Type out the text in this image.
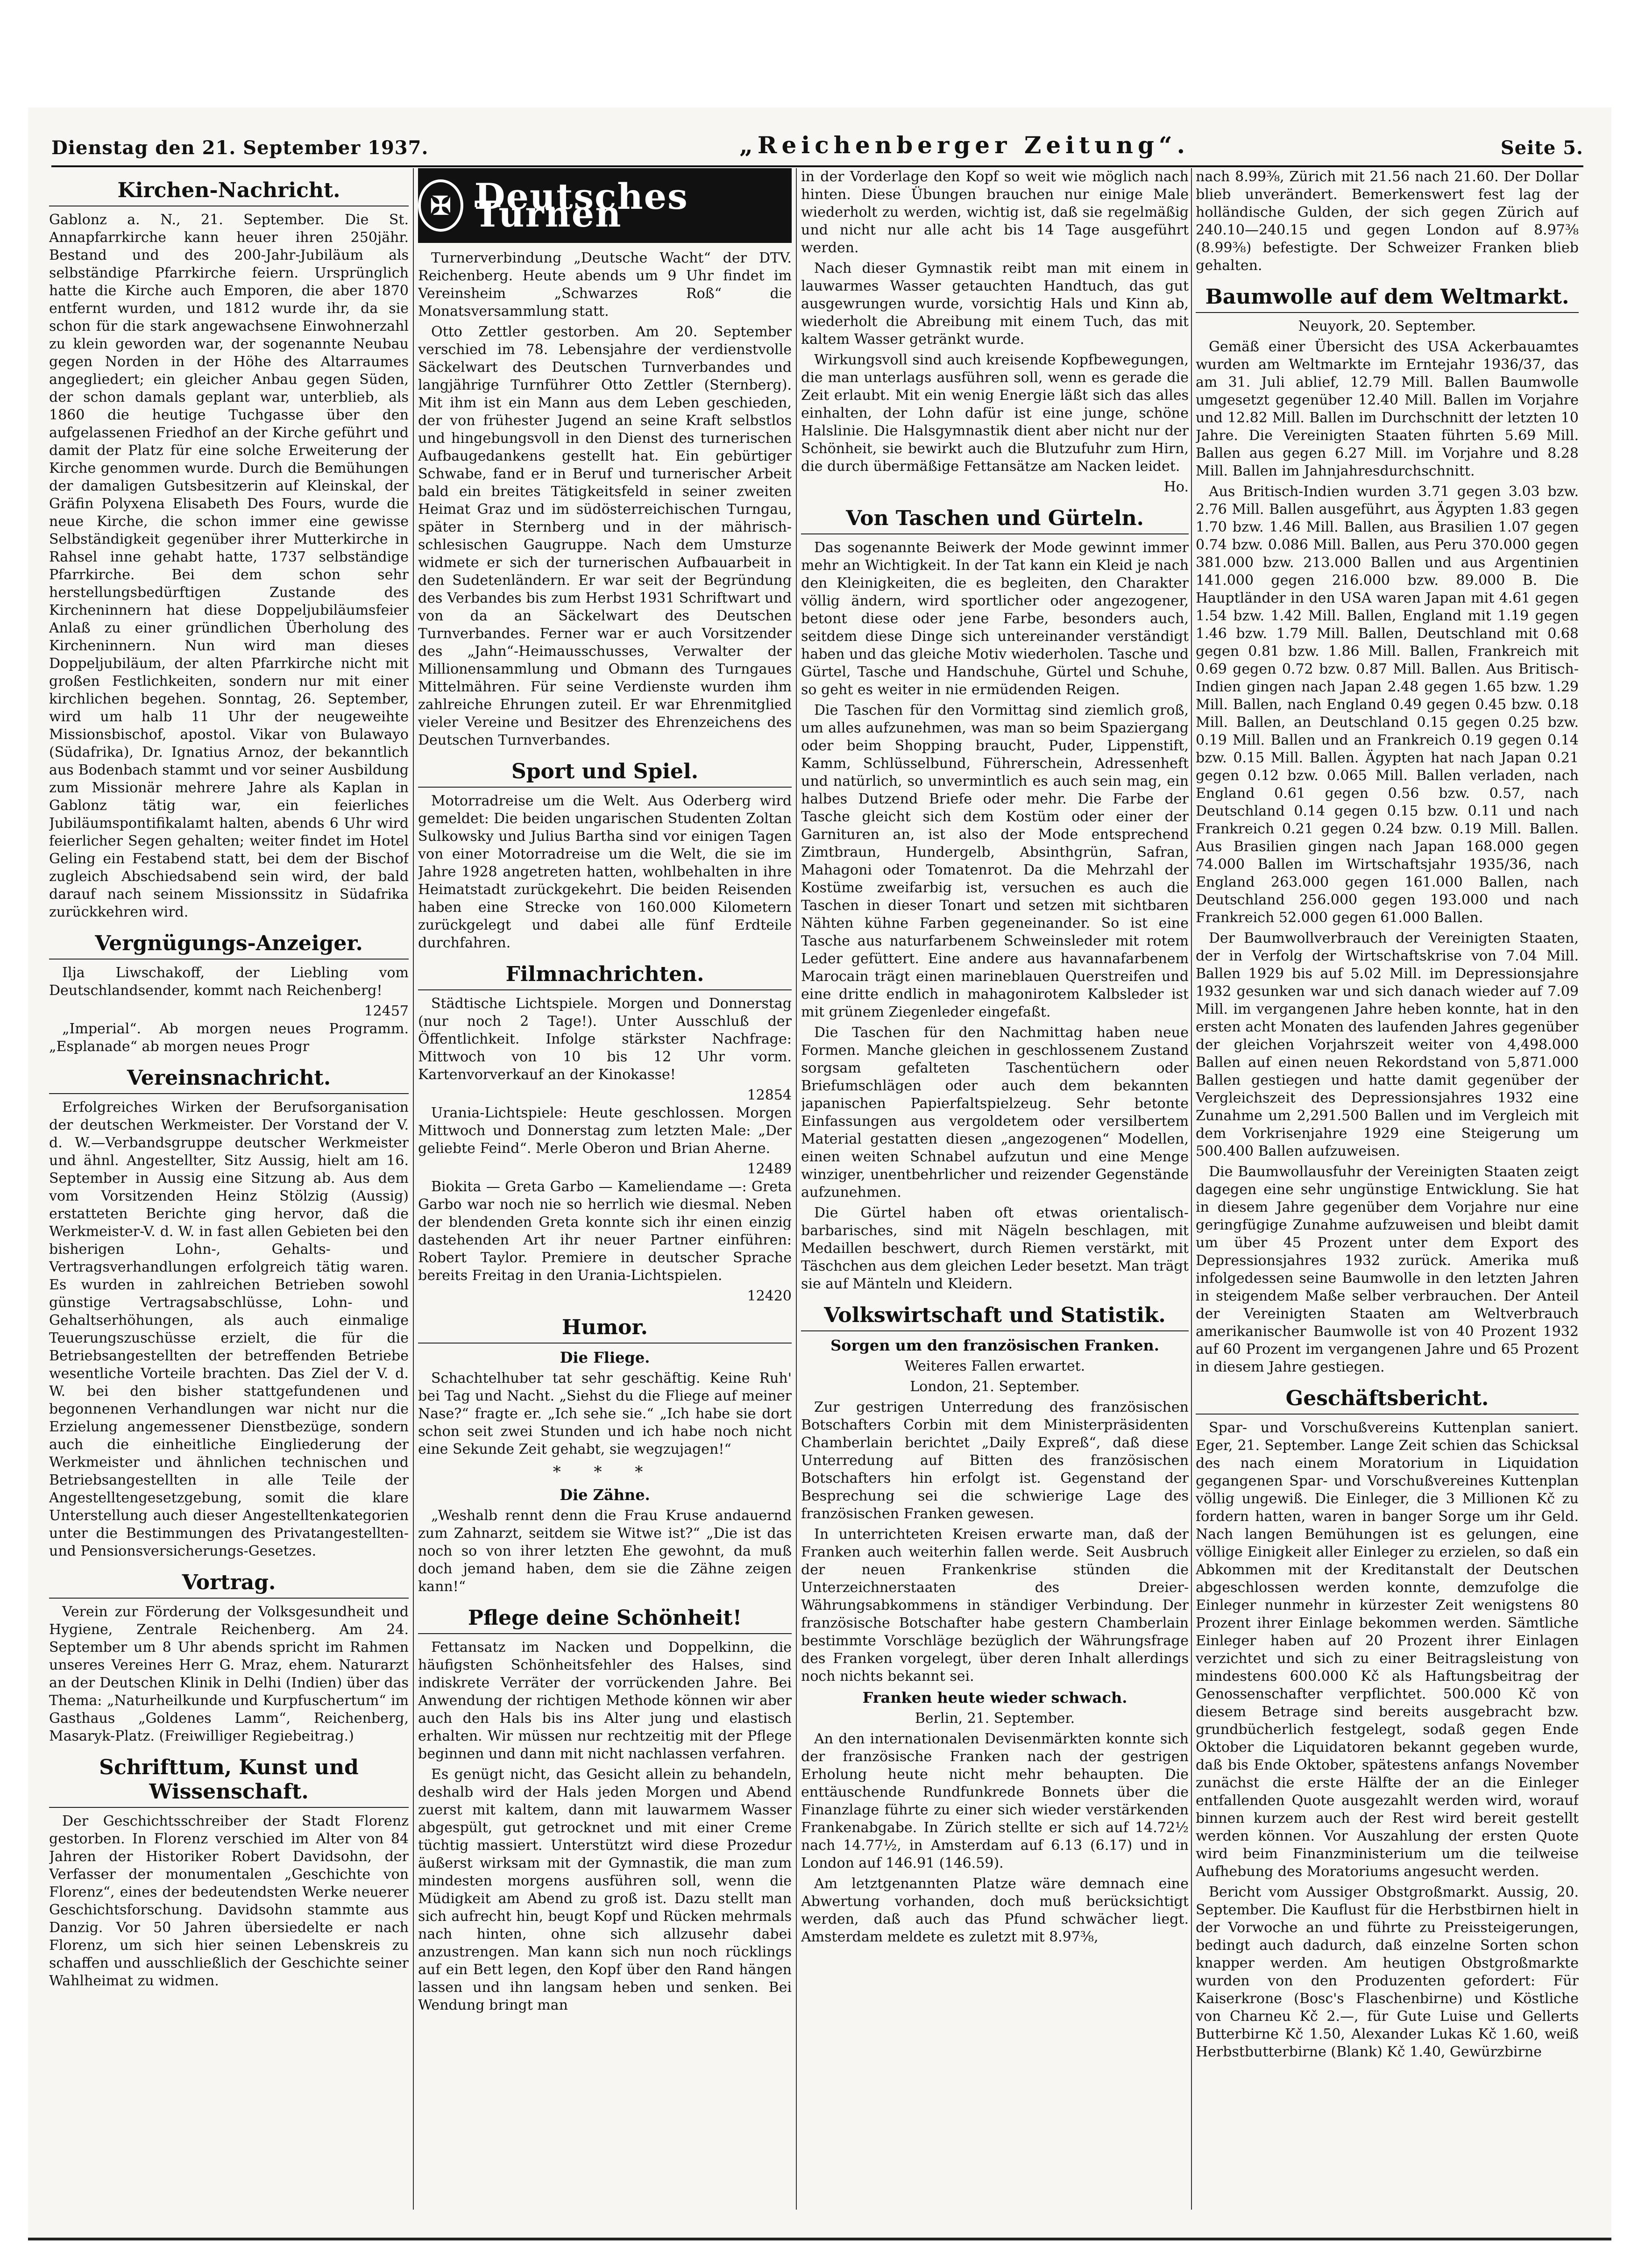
Dienstag den 21. September 1937.	„Reichenberger Zeitung“.	Seite 5.
Kirchen-Nachricht.

Gablonz a. N., 21. September. Die St. Annapfarrkirche kann heuer ihren 250jähr. Bestand und des 200-Jahr-Jubiläum als selbständige Pfarrkirche feiern. Ursprünglich hatte die Kirche auch Emporen, die aber 1870 entfernt wurden, und 1812 wurde ihr, da sie schon für die stark angewachsene Einwohnerzahl zu klein geworden war, der sogenannte Neubau gegen Norden in der Höhe des Altarraumes angegliedert; ein gleicher Anbau gegen Süden, der schon damals geplant war, unterblieb, als 1860 die heutige Tuchgasse über den aufgelassenen Friedhof an der Kirche geführt und damit der Platz für eine solche Erweiterung der Kirche genommen wurde. Durch die Bemühungen der damaligen Gutsbesitzerin auf Kleinskal, der Gräfin Polyxena Elisabeth Des Fours, wurde die neue Kirche, die schon immer eine gewisse Selbständigkeit gegenüber ihrer Mutterkirche in Rahsel inne gehabt hatte, 1737 selbständige Pfarrkirche. Bei dem schon sehr herstellungsbedürftigen Zustande des Kircheninnern hat diese Doppeljubiläumsfeier Anlaß zu einer gründlichen Überholung des Kircheninnern. Nun wird man dieses Doppeljubiläum, der alten Pfarrkirche nicht mit großen Festlichkeiten, sondern nur mit einer kirchlichen begehen. Sonntag, 26. September, wird um halb 11 Uhr der neugeweihte Missionsbischof, apostol. Vikar von Bulawayo (Südafrika), Dr. Ignatius Arnoz, der bekanntlich aus Bodenbach stammt und vor seiner Ausbildung zum Missionär mehrere Jahre als Kaplan in Gablonz tätig war, ein feierliches Jubiläumspontifikalamt halten, abends 6 Uhr wird feierlicher Segen gehalten; weiter findet im Hotel Geling ein Festabend statt, bei dem der Bischof zugleich Abschiedsabend sein wird, der bald darauf nach seinem Missionssitz in Südafrika zurückkehren wird.

Vergnügungs-Anzeiger.

Ilja Liwschakoff, der Liebling vom Deutschlandsender, kommt nach Reichenberg!

12457

„Imperial“. Ab morgen neues Programm. „Esplanade“ ab morgen neues Progr

Vereinsnachricht.

Erfolgreiches Wirken der Berufsorganisation der deutschen Werkmeister. Der Vorstand der V. d. W.—Verbandsgruppe deutscher Werkmeister und ähnl. Angestellter, Sitz Aussig, hielt am 16. September in Aussig eine Sitzung ab. Aus dem vom Vorsitzenden Heinz Stölzig (Aussig) erstatteten Berichte ging hervor, daß die Werkmeister-V. d. W. in fast allen Gebieten bei den bisherigen Lohn-, Gehalts- und Vertragsverhandlungen erfolgreich tätig waren. Es wurden in zahlreichen Betrieben sowohl günstige Vertragsabschlüsse, Lohn- und Gehaltserhöhungen, als auch einmalige Teuerungszuschüsse erzielt, die für die Betriebsangestellten der betreffenden Betriebe wesentliche Vorteile brachten. Das Ziel der V. d. W. bei den bisher stattgefundenen und begonnenen Verhandlungen war nicht nur die Erzielung angemessener Dienstbezüge, sondern auch die einheitliche Eingliederung der Werkmeister und ähnlichen technischen und Betriebsangestellten in alle Teile der Angestelltengesetzgebung, somit die klare Unterstellung auch dieser Angestelltenkategorien unter die Bestimmungen des Privatangestellten- und Pensionsversicherungs-Gesetzes.

Vortrag.

Verein zur Förderung der Volksgesundheit und Hygiene, Zentrale Reichenberg. Am 24. September um 8 Uhr abends spricht im Rahmen unseres Vereines Herr G. Mraz, ehem. Naturarzt an der Deutschen Klinik in Delhi (Indien) über das Thema: „Naturheilkunde und Kurpfuschertum“ im Gasthaus „Goldenes Lamm“, Reichenberg, Masaryk-Platz. (Freiwilliger Regiebeitrag.)

Schrifttum, Kunst und Wissenschaft.

Der Geschichtsschreiber der Stadt Florenz gestorben. In Florenz verschied im Alter von 84 Jahren der Historiker Robert Davidsohn, der Verfasser der monumentalen „Geschichte von Florenz“, eines der bedeutendsten Werke neuerer Geschichtsforschung. Davidsohn stammte aus Danzig. Vor 50 Jahren übersiedelte er nach Florenz, um sich hier seinen Lebenskreis zu schaffen und ausschließlich der Geschichte seiner Wahlheimat zu widmen.

✠ Deutsches Turnen

Turnerverbindung „Deutsche Wacht“ der DTV. Reichenberg. Heute abends um 9 Uhr findet im Vereinsheim „Schwarzes Roß“ die Monatsversammlung statt.

Otto Zettler gestorben. Am 20. September verschied im 78. Lebensjahre der verdienstvolle Säckelwart des Deutschen Turnverbandes und langjährige Turnführer Otto Zettler (Sternberg). Mit ihm ist ein Mann aus dem Leben geschieden, der von frühester Jugend an seine Kraft selbstlos und hingebungsvoll in den Dienst des turnerischen Aufbaugedankens gestellt hat. Ein gebürtiger Schwabe, fand er in Beruf und turnerischer Arbeit bald ein breites Tätigkeitsfeld in seiner zweiten Heimat Graz und im südösterreichischen Turngau, später in Sternberg und in der mährisch-schlesischen Gaugruppe. Nach dem Umsturze widmete er sich der turnerischen Aufbauarbeit in den Sudetenländern. Er war seit der Begründung des Verbandes bis zum Herbst 1931 Schriftwart und von da an Säckelwart des Deutschen Turnverbandes. Ferner war er auch Vorsitzender des „Jahn“-Heimausschusses, Verwalter der Millionensammlung und Obmann des Turngaues Mittelmähren. Für seine Verdienste wurden ihm zahlreiche Ehrungen zuteil. Er war Ehrenmitglied vieler Vereine und Besitzer des Ehrenzeichens des Deutschen Turnverbandes.

Sport und Spiel.

Motorradreise um die Welt. Aus Oderberg wird gemeldet: Die beiden ungarischen Studenten Zoltan Sulkowsky und Julius Bartha sind vor einigen Tagen von einer Motorradreise um die Welt, die sie im Jahre 1928 angetreten hatten, wohlbehalten in ihre Heimatstadt zurückgekehrt. Die beiden Reisenden haben eine Strecke von 160.000 Kilometern zurückgelegt und dabei alle fünf Erdteile durchfahren.

Filmnachrichten.

Städtische Lichtspiele. Morgen und Donnerstag (nur noch 2 Tage!). Unter Ausschluß der Öffentlichkeit. Infolge stärkster Nachfrage: Mittwoch von 10 bis 12 Uhr vorm. Kartenvorverkauf an der Kinokasse!

12854

Urania-Lichtspiele: Heute geschlossen. Morgen Mittwoch und Donnerstag zum letzten Male: „Der geliebte Feind“. Merle Oberon und Brian Aherne.

12489

Biokita — Greta Garbo — Kameliendame —: Greta Garbo war noch nie so herrlich wie diesmal. Neben der blendenden Greta konnte sich ihr einen einzig dastehenden Art ihr neuer Partner einführen: Robert Taylor. Premiere in deutscher Sprache bereits Freitag in den Urania-Lichtspielen.

12420

Humor.
Die Fliege.

Schachtelhuber tat sehr geschäftig. Keine Ruh' bei Tag und Nacht. „Siehst du die Fliege auf meiner Nase?“ fragte er. „Ich sehe sie.“ „Ich habe sie dort schon seit zwei Stunden und ich habe noch nicht eine Sekunde Zeit gehabt, sie wegzujagen!“

* * *
Die Zähne.

„Weshalb rennt denn die Frau Kruse andauernd zum Zahnarzt, seitdem sie Witwe ist?“ „Die ist das noch so von ihrer letzten Ehe gewohnt, da muß doch jemand haben, dem sie die Zähne zeigen kann!“

Pflege deine Schönheit!

Fettansatz im Nacken und Doppelkinn, die häufigsten Schönheitsfehler des Halses, sind indiskrete Verräter der vorrückenden Jahre. Bei Anwendung der richtigen Methode können wir aber auch den Hals bis ins Alter jung und elastisch erhalten. Wir müssen nur rechtzeitig mit der Pflege beginnen und dann mit nicht nachlassen verfahren.

Es genügt nicht, das Gesicht allein zu behandeln, deshalb wird der Hals jeden Morgen und Abend zuerst mit kaltem, dann mit lauwarmem Wasser abgespült, gut getrocknet und mit einer Creme tüchtig massiert. Unterstützt wird diese Prozedur äußerst wirksam mit der Gymnastik, die man zum mindesten morgens ausführen soll, wenn die Müdigkeit am Abend zu groß ist. Dazu stellt man sich aufrecht hin, beugt Kopf und Rücken mehrmals nach hinten, ohne sich allzusehr dabei anzustrengen. Man kann sich nun noch rücklings auf ein Bett legen, den Kopf über den Rand hängen lassen und ihn langsam heben und senken. Bei Wendung bringt man

in der Vorderlage den Kopf so weit wie möglich nach hinten. Diese Übungen brauchen nur einige Male wiederholt zu werden, wichtig ist, daß sie regelmäßig und nicht nur alle acht bis 14 Tage ausgeführt werden.

Nach dieser Gymnastik reibt man mit einem in lauwarmes Wasser getauchten Handtuch, das gut ausgewrungen wurde, vorsichtig Hals und Kinn ab, wiederholt die Abreibung mit einem Tuch, das mit kaltem Wasser getränkt wurde.

Wirkungsvoll sind auch kreisende Kopfbewegungen, die man unterlags ausführen soll, wenn es gerade die Zeit erlaubt. Mit ein wenig Energie läßt sich das alles einhalten, der Lohn dafür ist eine junge, schöne Halslinie. Die Halsgymnastik dient aber nicht nur der Schönheit, sie bewirkt auch die Blutzufuhr zum Hirn, die durch übermäßige Fettansätze am Nacken leidet.

Ho.

Von Taschen und Gürteln.

Das sogenannte Beiwerk der Mode gewinnt immer mehr an Wichtigkeit. In der Tat kann ein Kleid je nach den Kleinigkeiten, die es begleiten, den Charakter völlig ändern, wird sportlicher oder angezogener, betont diese oder jene Farbe, besonders auch, seitdem diese Dinge sich untereinander verständigt haben und das gleiche Motiv wiederholen. Tasche und Gürtel, Tasche und Handschuhe, Gürtel und Schuhe, so geht es weiter in nie ermüdenden Reigen.

Die Taschen für den Vormittag sind ziemlich groß, um alles aufzunehmen, was man so beim Spaziergang oder beim Shopping braucht, Puder, Lippenstift, Kamm, Schlüsselbund, Führerschein, Adressenheft und natürlich, so unvermintlich es auch sein mag, ein halbes Dutzend Briefe oder mehr. Die Farbe der Tasche gleicht sich dem Kostüm oder einer der Garnituren an, ist also der Mode entsprechend Zimtbraun, Hundergelb, Absinthgrün, Safran, Mahagoni oder Tomatenrot. Da die Mehrzahl der Kostüme zweifarbig ist, versuchen es auch die Taschen in dieser Tonart und setzen mit sichtbaren Nähten kühne Farben gegeneinander. So ist eine Tasche aus naturfarbenem Schweinsleder mit rotem Leder gefüttert. Eine andere aus havannafarbenem Marocain trägt einen marineblauen Querstreifen und eine dritte endlich in mahagonirotem Kalbsleder ist mit grünem Ziegenleder eingefaßt.

Die Taschen für den Nachmittag haben neue Formen. Manche gleichen in geschlossenem Zustand sorgsam gefalteten Taschentüchern oder Briefumschlägen oder auch dem bekannten japanischen Papierfaltspielzeug. Sehr betonte Einfassungen aus vergoldetem oder versilbertem Material gestatten diesen „angezogenen“ Modellen, einen weiten Schnabel aufzutun und eine Menge winziger, unentbehrlicher und reizender Gegenstände aufzunehmen.

Die Gürtel haben oft etwas orientalisch-barbarisches, sind mit Nägeln beschlagen, mit Medaillen beschwert, durch Riemen verstärkt, mit Täschchen aus dem gleichen Leder besetzt. Man trägt sie auf Mänteln und Kleidern.

Volkswirtschaft und Statistik.
Sorgen um den französischen Franken.

Weiteres Fallen erwartet.

London, 21. September.

Zur gestrigen Unterredung des französischen Botschafters Corbin mit dem Ministerpräsidenten Chamberlain berichtet „Daily Expreß“, daß diese Unterredung auf Bitten des französischen Botschafters hin erfolgt ist. Gegenstand der Besprechung sei die schwierige Lage des französischen Franken gewesen.

In unterrichteten Kreisen erwarte man, daß der Franken auch weiterhin fallen werde. Seit Ausbruch der neuen Frankenkrise stünden die Unterzeichnerstaaten des Dreier-Währungsabkommens in ständiger Verbindung. Der französische Botschafter habe gestern Chamberlain bestimmte Vorschläge bezüglich der Währungsfrage des Franken vorgelegt, über deren Inhalt allerdings noch nichts bekannt sei.

Franken heute wieder schwach.

Berlin, 21. September.

An den internationalen Devisenmärkten konnte sich der französische Franken nach der gestrigen Erholung heute nicht mehr behaupten. Die enttäuschende Rundfunkrede Bonnets über die Finanzlage führte zu einer sich wieder verstärkenden Frankenabgabe. In Zürich stellte er sich auf 14.72½ nach 14.77½, in Amsterdam auf 6.13 (6.17) und in London auf 146.91 (146.59).

Am letztgenannten Platze wäre demnach eine Abwertung vorhanden, doch muß berücksichtigt werden, daß auch das Pfund schwächer liegt. Amsterdam meldete es zuletzt mit 8.97⅜,

nach 8.99⅜, Zürich mit 21.56 nach 21.60. Der Dollar blieb unverändert. Bemerkenswert fest lag der holländische Gulden, der sich gegen Zürich auf 240.10—240.15 und gegen London auf 8.97⅜ (8.99⅜) befestigte. Der Schweizer Franken blieb gehalten.

Baumwolle auf dem Weltmarkt.

Neuyork, 20. September.

Gemäß einer Übersicht des USA Ackerbauamtes wurden am Weltmarkte im Erntejahr 1936/37, das am 31. Juli ablief, 12.79 Mill. Ballen Baumwolle umgesetzt gegenüber 12.40 Mill. Ballen im Vorjahre und 12.82 Mill. Ballen im Durchschnitt der letzten 10 Jahre. Die Vereinigten Staaten führten 5.69 Mill. Ballen aus gegen 6.27 Mill. im Vorjahre und 8.28 Mill. Ballen im Jahnjahresdurchschnitt.

Aus Britisch-Indien wurden 3.71 gegen 3.03 bzw. 2.76 Mill. Ballen ausgeführt, aus Ägypten 1.83 gegen 1.70 bzw. 1.46 Mill. Ballen, aus Brasilien 1.07 gegen 0.74 bzw. 0.086 Mill. Ballen, aus Peru 370.000 gegen 381.000 bzw. 213.000 Ballen und aus Argentinien 141.000 gegen 216.000 bzw. 89.000 B. Die Hauptländer in den USA waren Japan mit 4.61 gegen 1.54 bzw. 1.42 Mill. Ballen, England mit 1.19 gegen 1.46 bzw. 1.79 Mill. Ballen, Deutschland mit 0.68 gegen 0.81 bzw. 1.86 Mill. Ballen, Frankreich mit 0.69 gegen 0.72 bzw. 0.87 Mill. Ballen. Aus Britisch-Indien gingen nach Japan 2.48 gegen 1.65 bzw. 1.29 Mill. Ballen, nach England 0.49 gegen 0.45 bzw. 0.18 Mill. Ballen, an Deutschland 0.15 gegen 0.25 bzw. 0.19 Mill. Ballen und an Frankreich 0.19 gegen 0.14 bzw. 0.15 Mill. Ballen. Ägypten hat nach Japan 0.21 gegen 0.12 bzw. 0.065 Mill. Ballen verladen, nach England 0.61 gegen 0.56 bzw. 0.57, nach Deutschland 0.14 gegen 0.15 bzw. 0.11 und nach Frankreich 0.21 gegen 0.24 bzw. 0.19 Mill. Ballen. Aus Brasilien gingen nach Japan 168.000 gegen 74.000 Ballen im Wirtschaftsjahr 1935/36, nach England 263.000 gegen 161.000 Ballen, nach Deutschland 256.000 gegen 193.000 und nach Frankreich 52.000 gegen 61.000 Ballen.

Der Baumwollverbrauch der Vereinigten Staaten, der in Verfolg der Wirtschaftskrise von 7.04 Mill. Ballen 1929 bis auf 5.02 Mill. im Depressionsjahre 1932 gesunken war und sich danach wieder auf 7.09 Mill. im vergangenen Jahre heben konnte, hat in den ersten acht Monaten des laufenden Jahres gegenüber der gleichen Vorjahrszeit weiter von 4,498.000 Ballen auf einen neuen Rekordstand von 5,871.000 Ballen gestiegen und hatte damit gegenüber der Vergleichszeit des Depressionsjahres 1932 eine Zunahme um 2,291.500 Ballen und im Vergleich mit dem Vorkrisenjahre 1929 eine Steigerung um 500.400 Ballen aufzuweisen.

Die Baumwollausfuhr der Vereinigten Staaten zeigt dagegen eine sehr ungünstige Entwicklung. Sie hat in diesem Jahre gegenüber dem Vorjahre nur eine geringfügige Zunahme aufzuweisen und bleibt damit um über 45 Prozent unter dem Export des Depressionsjahres 1932 zurück. Amerika muß infolgedessen seine Baumwolle in den letzten Jahren in steigendem Maße selber verbrauchen. Der Anteil der Vereinigten Staaten am Weltverbrauch amerikanischer Baumwolle ist von 40 Prozent 1932 auf 60 Prozent im vergangenen Jahre und 65 Prozent in diesem Jahre gestiegen.

Geschäftsbericht.

Spar- und Vorschußvereins Kuttenplan saniert. Eger, 21. September. Lange Zeit schien das Schicksal des nach einem Moratorium in Liquidation gegangenen Spar- und Vorschußvereines Kuttenplan völlig ungewiß. Die Einleger, die 3 Millionen Kč zu fordern hatten, waren in banger Sorge um ihr Geld. Nach langen Bemühungen ist es gelungen, eine völlige Einigkeit aller Einleger zu erzielen, so daß ein Abkommen mit der Kreditanstalt der Deutschen abgeschlossen werden konnte, demzufolge die Einleger nunmehr in kürzester Zeit wenigstens 80 Prozent ihrer Einlage bekommen werden. Sämtliche Einleger haben auf 20 Prozent ihrer Einlagen verzichtet und sich zu einer Beitragsleistung von mindestens 600.000 Kč als Haftungsbeitrag der Genossenschafter verpflichtet. 500.000 Kč von diesem Betrage sind bereits ausgebracht bzw. grundbücherlich festgelegt, sodaß gegen Ende Oktober die Liquidatoren bekannt gegeben wurde, daß bis Ende Oktober, spätestens anfangs November zunächst die erste Hälfte der an die Einleger entfallenden Quote ausgezahlt werden wird, worauf binnen kurzem auch der Rest wird bereit gestellt werden können. Vor Auszahlung der ersten Quote wird beim Finanzministerium um die teilweise Aufhebung des Moratoriums angesucht werden.

Bericht vom Aussiger Obstgroßmarkt. Aussig, 20. September. Die Kauflust für die Herbstbirnen hielt in der Vorwoche an und führte zu Preissteigerungen, bedingt auch dadurch, daß einzelne Sorten schon knapper werden. Am heutigen Obstgroßmarkte wurden von den Produzenten gefordert: Für Kaiserkrone (Bosc's Flaschenbirne) und Köstliche von Charneu Kč 2.—, für Gute Luise und Gellerts Butterbirne Kč 1.50, Alexander Lukas Kč 1.60, weiß Herbstbutterbirne (Blank) Kč 1.40, Gewürzbirne
